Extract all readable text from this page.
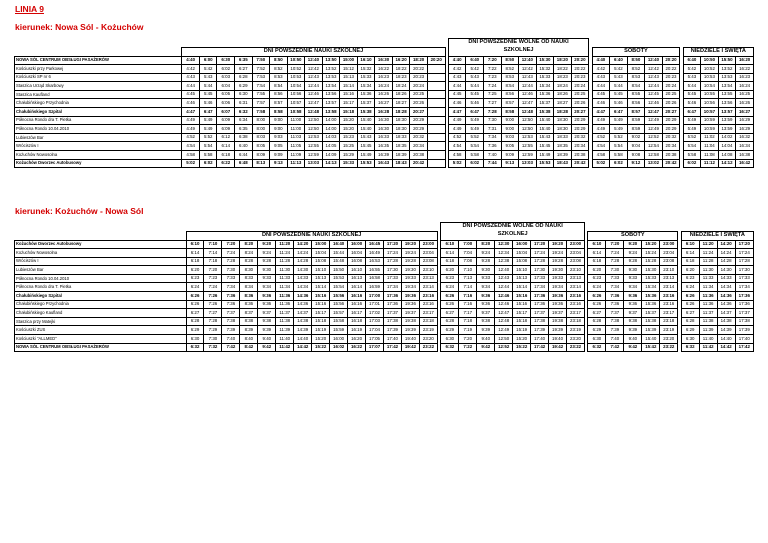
LINIA 9
kierunek: Nowa Sól - Kożuchów
																	DNI POWSZEDNIE WOLNE OD NAUKI																		
	DNI POWSZEDNIE NAUKI SZKOLNEJ																SZKOLNEJ									SOBOTY						NIEDZIELE I ŚWIĘTA			
NOWA SÓL CENTRUM OBSŁUGI PASAŻERÓW	4:40	6:00	6:30	6:35	7:50	8:50	10:50	12:40	13:50	15:00	16:10	16:30	16:20	18:20	20:20		4:40	6:40	7:20	8:50	12:40	15:30	18:20	20:20		4:40	6:40	8:50	12:40	20:20		6:40	10:50	15:50	16:20
Kościuszki przy Parkowej	4:42	5:42	6:02	6:27	7:52	8:52	10:52	12:42	13:52	15:12	15:32	16:22	18:22	20:22			4:42	5:42	7:22	8:52	12:42	15:32	18:22	20:22		4:42	5:42	8:52	12:42	20:22		5:42	10:52	13:52	16:22
Kościuszki SP nr 6	4:43	5:43	6:03	6:28	7:53	8:53	10:53	12:43	13:53	15:13	15:33	16:23	18:23	20:23			4:43	5:43	7:23	8:53	12:43	15:33	18:23	20:23		4:43	5:43	8:53	12:43	20:23		5:43	10:53	13:53	16:23
Staszica Urząd Skarbowy	4:44	5:44	6:04	6:29	7:54	8:54	10:54	12:44	13:54	15:14	15:34	16:24	18:24	20:24			4:44	5:44	7:24	8:54	12:44	15:34	18:24	20:24		4:44	5:44	8:54	12:44	20:24		5:44	10:54	13:54	16:24
Staszica Kaufland	4:45	5:45	6:05	6:30	7:55	8:56	10:56	12:46	13:56	15:16	15:36	16:26	18:26	20:25			4:45	5:45	7:25	8:56	12:46	15:36	18:26	20:25		4:45	5:45	8:55	12:45	20:25		5:45	10:55	13:55	16:25
Chałubińskiego Przychodnia	4:46	5:46	6:06	6:31	7:57	8:57	10:57	12:47	13:57	15:17	15:37	16:27	18:27	20:26			4:46	5:46	7:27	8:57	12:47	15:37	18:27	20:26		4:46	5:46	8:56	12:46	20:26		5:46	10:56	13:56	16:26
Chałubińskiego Szpital	4:47	6:47	6:07	6:32	7:58	8:58	10:58	12:48	13:58	15:18	15:38	16:28	18:28	20:27			4:47	6:47	7:28	8:58	12:48	15:38	18:28	20:27		4:47	6:47	8:57	12:47	20:27		6:47	10:57	13:57	16:27
Północna Rondo dra T. Pietka	4:49	5:49	6:09	6:34	8:00	9:00	11:00	12:50	14:00	15:20	15:40	16:30	18:30	20:29			4:49	5:49	7:30	9:00	12:50	15:40	18:30	20:29		4:49	5:49	8:59	12:49	20:29		5:49	10:59	13:59	16:29
Północna Rondo 10.04.2010	4:49	5:49	6:09	6:35	8:00	9:00	11:00	12:50	14:00	15:20	15:40	16:30	18:30	20:29			4:49	5:49	7:31	9:00	12:50	15:40	18:30	20:29		4:49	5:49	8:59	12:49	20:29		5:49	10:59	13:59	16:29
Lubieszów Bar	4:52	5:52	6:12	6:38	8:03	9:03	11:03	12:53	14:03	15:23	15:43	16:33	18:33	20:32			4:52	5:52	7:34	9:03	12:53	15:43	18:33	20:32		4:52	5:52	9:02	12:52	20:32		5:52	11:02	14:02	16:32
Wróciszów I	4:54	5:54	6:14	6:40	8:05	9:05	11:05	12:55	14:05	15:25	15:45	16:35	18:35	20:34			4:54	5:54	7:36	9:05	12:55	15:45	18:35	20:34		4:54	5:54	9:04	12:54	20:34		5:54	11:04	14:04	16:34
Kożuchów Nowosolna	4:58	5:58	6:18	6:44	8:09	9:09	11:09	12:59	14:09	15:29	15:49	16:39	18:39	20:38			4:58	5:58	7:40	9:09	12:59	15:49	18:39	20:38		4:58	5:58	9:08	12:58	20:38		5:58	11:08	14:08	16:38
Kożuchów Dworzec Autobusowy	5:02	6:02	6:22	6:48	8:13	9:13	11:13	13:03	14:13	15:33	15:53	16:43	18:43	20:42			5:02	6:02	7:44	9:13	13:03	15:53	18:43	20:42		5:02	6:02	9:12	13:02	20:42		6:02	11:12	14:12	16:42
kierunek: Kożuchów - Nowa Sól
																DNI POWSZEDNIE WOLNE OD NAUKI																		
	DNI POWSZEDNIE NAUKI SZKOLNEJ															SZKOLNEJ									SOBOTY						NIEDZIELE I ŚWIĘTA			
Kożuchów Dworzec Autobusowy	6:10	7:10	7:20	8:20	9:20	11:20	14:20	15:00	16:40	16:00	16:45	17:20	19:20	23:00		6:10	7:00	8:20	12:30	16:00	17:20	19:20	23:00		6:10	7:20	9:20	15:20	23:00		6:10	11:20	14:20	17:20
Kożuchów Nowosolna	6:14	7:14	7:24	8:24	9:24	11:24	14:24	15:04	15:44	16:04	16:49	17:24	19:24	23:04		6:14	7:04	9:24	12:34	15:04	17:24	19:24	23:04		6:14	7:24	9:24	15:24	23:04		6:14	11:24	14:24	17:24
Wróciszów I	6:18	7:18	7:28	8:28	9:28	11:28	14:28	15:08	15:48	16:08	16:53	17:28	19:28	23:08		6:18	7:08	9:28	12:38	15:08	17:28	19:28	23:08		6:18	7:28	9:28	15:28	23:08		6:18	11:28	14:28	17:28
Lubieszów Bar	6:20	7:20	7:30	8:30	9:30	11:30	14:30	15:10	15:50	16:10	16:55	17:30	19:30	23:10		6:20	7:10	9:30	12:40	15:10	17:30	19:30	23:10		6:20	7:30	9:30	15:30	23:10		6:20	11:30	14:30	17:30
Północna Rondo 10.04.2010	6:23	7:23	7:33	8:33	9:33	11:33	14:33	15:13	15:53	16:13	16:58	17:33	19:33	23:13		6:23	7:13	9:33	12:43	15:13	17:33	19:33	23:13		6:23	7:33	9:33	15:33	23:13		6:23	11:33	14:33	17:33
Północna Rondo dra T. Pietka	6:24	7:24	7:34	8:34	9:34	11:34	14:34	15:14	15:54	16:14	16:59	17:34	19:34	23:14		6:24	7:14	9:34	12:44	15:14	17:34	19:34	23:14		6:24	7:34	9:34	15:34	23:14		6:24	11:34	14:34	17:34
Chałubińskiego Szpital	6:26	7:26	7:36	8:36	9:36	11:36	14:36	15:16	15:56	16:16	17:00	17:36	19:36	23:16		6:26	7:16	9:36	12:46	15:16	17:36	19:36	23:16		6:26	7:36	9:36	15:36	23:16		6:26	11:36	14:36	17:36
Chałubińskiego Przychodnia	6:26	7:26	7:36	8:36	9:36	11:36	14:36	15:16	15:56	16:16	17:01	17:36	19:36	23:16		6:26	7:16	9:36	12:46	15:16	17:36	19:36	23:16		6:26	7:36	9:36	15:36	23:16		6:26	11:36	14:36	17:36
Chałubińskiego Kaufland	6:27	7:27	7:37	8:37	9:37	11:37	14:37	15:17	15:57	16:17	17:02	17:37	19:37	23:17		6:27	7:17	9:37	12:47	15:17	17:37	19:37	23:17		6:27	7:37	9:37	15:37	23:17		6:27	11:37	14:37	17:37
Staszica przy Matejki	6:28	7:28	7:38	8:38	9:38	11:38	14:38	15:18	15:58	16:18	17:03	17:38	19:38	23:18		6:28	7:18	9:38	12:48	15:18	17:38	19:38	23:18		6:28	7:38	9:38	15:38	23:18		6:28	11:38	14:38	17:38
Kościuszki ZUS	6:29	7:29	7:39	8:39	9:39	11:39	14:39	15:19	15:59	16:19	17:04	17:39	19:39	23:19		6:29	7:19	9:39	12:49	15:19	17:39	19:39	23:19		6:29	7:39	9:39	15:39	23:19		6:29	11:39	14:39	17:39
Kościuszki "ALLMED"	6:30	7:30	7:40	8:40	9:40	11:40	14:40	15:20	16:00	16:20	17:05	17:40	19:40	23:20		6:30	7:20	9:40	12:50	15:20	17:40	19:40	23:20		6:30	7:40	9:40	15:40	23:20		6:30	11:40	14:40	17:40
NOWA SÓL CENTRUM OBSŁUGI PASAŻERÓW	6:32	7:32	7:42	8:42	9:42	11:42	14:42	15:22	16:02	16:22	17:07	17:42	19:42	23:22		6:32	7:22	9:42	12:52	15:22	17:42	19:42	23:22		6:32	7:42	9:42	15:42	23:22		6:32	11:42	14:42	17:42
